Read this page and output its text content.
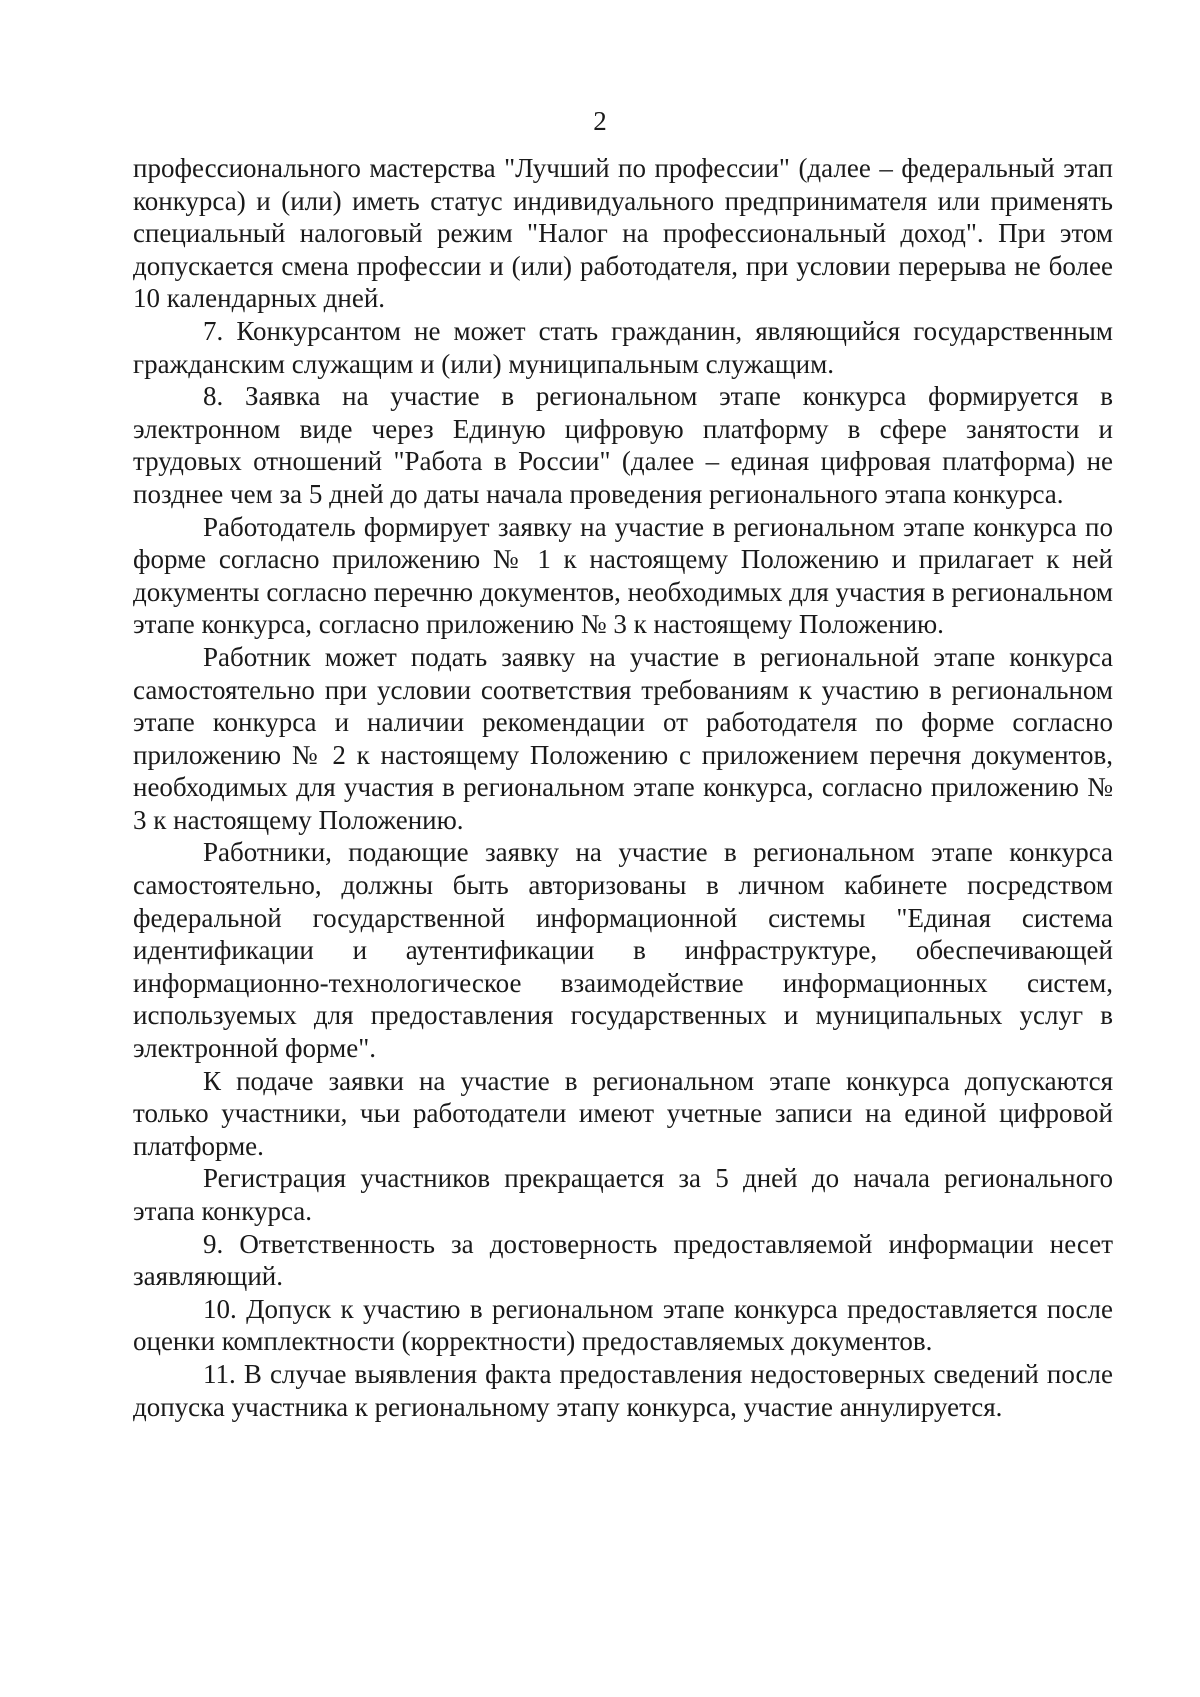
2

профессионального мастерства "Лучший по профессии" (далее – федеральный этап конкурса) и (или) иметь статус индивидуального предпринимателя или применять специальный налоговый режим "Налог на профессиональный доход". При этом допускается смена профессии и (или) работодателя, при условии перерыва не более 10 календарных дней.

7. Конкурсантом не может стать гражданин, являющийся государственным гражданским служащим и (или) муниципальным служащим.

8. Заявка на участие в региональном этапе конкурса формируется в электронном виде через Единую цифровую платформу в сфере занятости и трудовых отношений "Работа в России" (далее – единая цифровая платформа) не позднее чем за 5 дней до даты начала проведения регионального этапа конкурса.

Работодатель формирует заявку на участие в региональном этапе конкурса по форме согласно приложению № 1 к настоящему Положению и прилагает к ней документы согласно перечню документов, необходимых для участия в региональном этапе конкурса, согласно приложению № 3 к настоящему Положению.

Работник может подать заявку на участие в региональной этапе конкурса самостоятельно при условии соответствия требованиям к участию в региональном этапе конкурса и наличии рекомендации от работодателя по форме согласно приложению № 2 к настоящему Положению с приложением перечня документов, необходимых для участия в региональном этапе конкурса, согласно приложению № 3 к настоящему Положению.

Работники, подающие заявку на участие в региональном этапе конкурса самостоятельно, должны быть авторизованы в личном кабинете посредством федеральной государственной информационной системы "Единая система идентификации и аутентификации в инфраструктуре, обеспечивающей информационно-технологическое взаимодействие информационных систем, используемых для предоставления государственных и муниципальных услуг в электронной форме".

К подаче заявки на участие в региональном этапе конкурса допускаются только участники, чьи работодатели имеют учетные записи на единой цифровой платформе.

Регистрация участников прекращается за 5 дней до начала регионального этапа конкурса.

9. Ответственность за достоверность предоставляемой информации несет заявляющий.

10. Допуск к участию в региональном этапе конкурса предоставляется после оценки комплектности (корректности) предоставляемых документов.

11. В случае выявления факта предоставления недостоверных сведений после допуска участника к региональному этапу конкурса, участие аннулируется.
